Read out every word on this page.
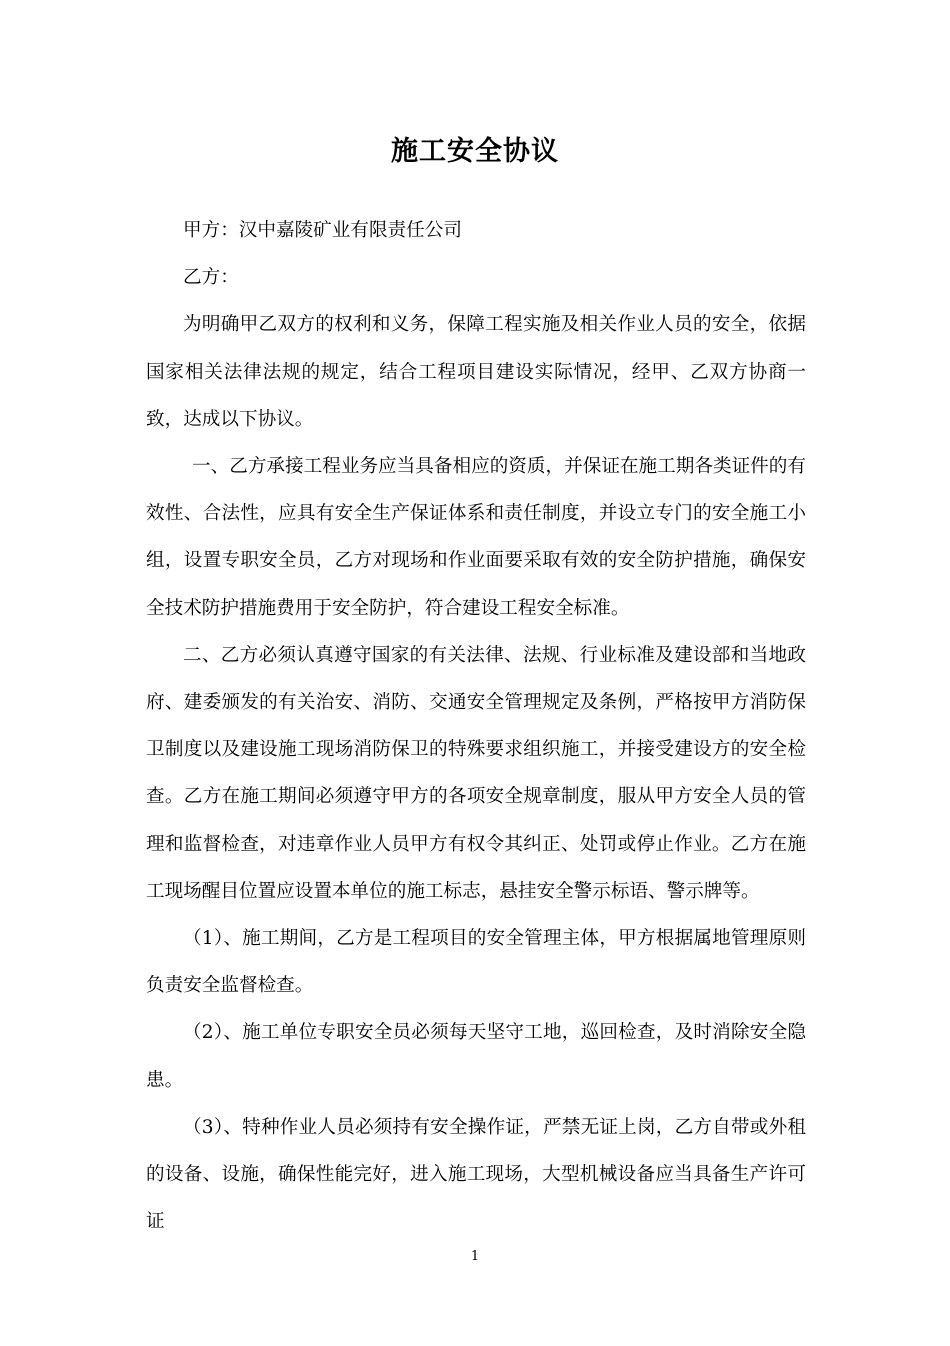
施工安全协议

甲方：汉中嘉陵矿业有限责任公司

乙方：

为明确甲乙双方的权利和义务，保障工程实施及相关作业人员的安全，依据国家相关法律法规的规定，结合工程项目建设实际情况，经甲、乙双方协商一致，达成以下协议。

一、乙方承接工程业务应当具备相应的资质，并保证在施工期各类证件的有效性、合法性，应具有安全生产保证体系和责任制度，并设立专门的安全施工小组，设置专职安全员，乙方对现场和作业面要采取有效的安全防护措施，确保安全技术防护措施费用于安全防护，符合建设工程安全标准。

二、乙方必须认真遵守国家的有关法律、法规、行业标准及建设部和当地政府、建委颁发的有关治安、消防、交通安全管理规定及条例，严格按甲方消防保卫制度以及建设施工现场消防保卫的特殊要求组织施工，并接受建设方的安全检查。乙方在施工期间必须遵守甲方的各项安全规章制度，服从甲方安全人员的管理和监督检查，对违章作业人员甲方有权令其纠正、处罚或停止作业。乙方在施工现场醒目位置应设置本单位的施工标志，悬挂安全警示标语、警示牌等。

（1）、施工期间，乙方是工程项目的安全管理主体，甲方根据属地管理原则负责安全监督检查。

（2）、施工单位专职安全员必须每天坚守工地，巡回检查，及时消除安全隐患。

（3）、特种作业人员必须持有安全操作证，严禁无证上岗，乙方自带或外租的设备、设施，确保性能完好，进入施工现场，大型机械设备应当具备生产许可证

1
